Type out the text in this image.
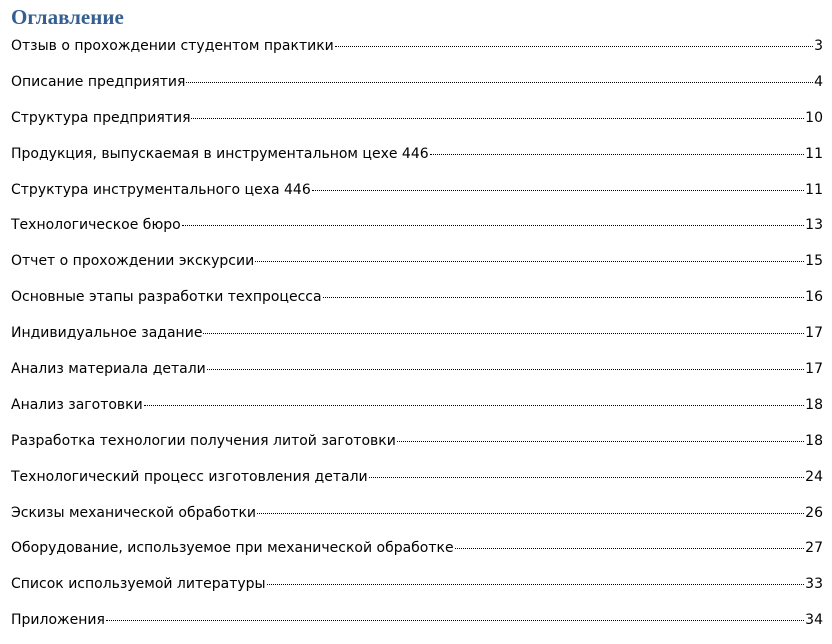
Оглавление
Отзыв о прохождении студентом практики	3
Описание предприятия	4
Структура предприятия	10
Продукция, выпускаемая в инструментальном цехе 446	11
Структура инструментального цеха 446	11
Технологическое бюро	13
Отчет о прохождении экскурсии	15
Основные этапы разработки техпроцесса	16
Индивидуальное задание	17
Анализ материала детали	17
Анализ заготовки	18
Разработка технологии получения литой заготовки	18
Технологический процесс изготовления детали	24
Эскизы механической обработки	26
Оборудование, используемое при механической обработке	27
Список используемой литературы	33
Приложения	34
